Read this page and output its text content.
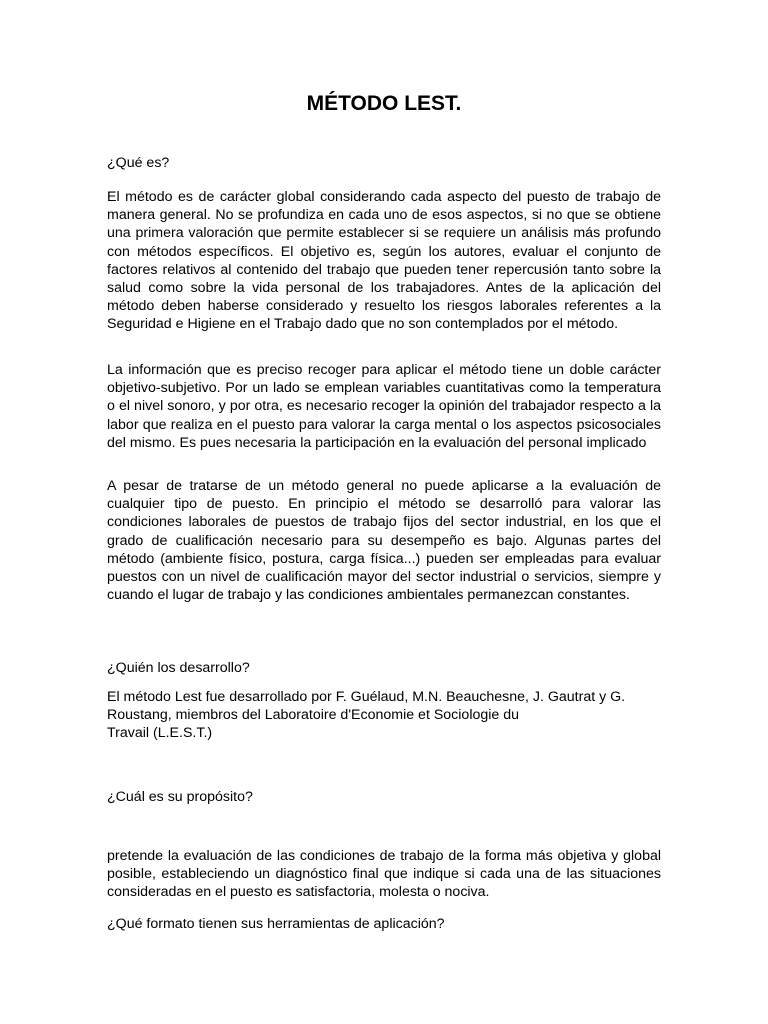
MÉTODO LEST.

¿Qué es?

El método es de carácter global considerando cada aspecto del puesto de trabajo de manera general. No se profundiza en cada uno de esos aspectos, si no que se obtiene una primera valoración que permite establecer si se requiere un análisis más profundo con métodos específicos. El objetivo es, según los autores, evaluar el conjunto de factores relativos al contenido del trabajo que pueden tener repercusión tanto sobre la salud como sobre la vida personal de los trabajadores. Antes de la aplicación del método deben haberse considerado y resuelto los riesgos laborales referentes a la Seguridad e Higiene en el Trabajo dado que no son contemplados por el método.

La información que es preciso recoger para aplicar el método tiene un doble carácter objetivo-subjetivo. Por un lado se emplean variables cuantitativas como la temperatura o el nivel sonoro, y por otra, es necesario recoger la opinión del trabajador respecto a la labor que realiza en el puesto para valorar la carga mental o los aspectos psicosociales del mismo. Es pues necesaria la participación en la evaluación del personal implicado

A pesar de tratarse de un método general no puede aplicarse a la evaluación de cualquier tipo de puesto. En principio el método se desarrolló para valorar las condiciones laborales de puestos de trabajo fijos del sector industrial, en los que el grado de cualificación necesario para su desempeño es bajo. Algunas partes del método (ambiente físico, postura, carga física...) pueden ser empleadas para evaluar puestos con un nivel de cualificación mayor del sector industrial o servicios, siempre y cuando el lugar de trabajo y las condiciones ambientales permanezcan constantes.

¿Quién los desarrollo?

El método Lest fue desarrollado por F. Guélaud, M.N. Beauchesne, J. Gautrat y G.
Roustang, miembros del Laboratoire d'Economie et Sociologie du
Travail (L.E.S.T.)

¿Cuál es su propósito?

pretende la evaluación de las condiciones de trabajo de la forma más objetiva y global posible, estableciendo un diagnóstico final que indique si cada una de las situaciones consideradas en el puesto es satisfactoria, molesta o nociva.

¿Qué formato tienen sus herramientas de aplicación?
